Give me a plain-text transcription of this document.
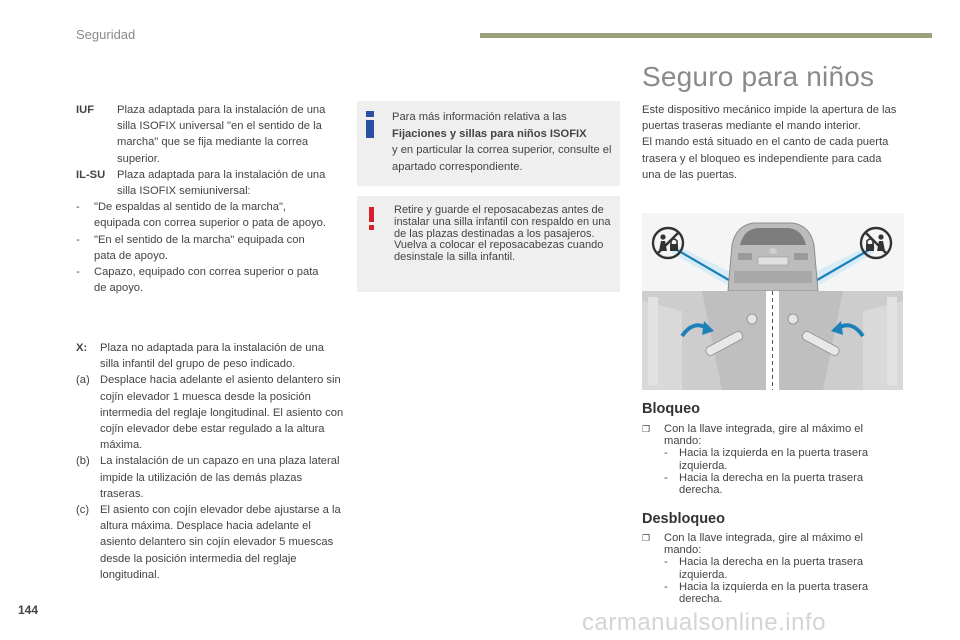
Seguridad
IUF	Plaza adaptada para la instalación de una silla ISOFIX universal "en el sentido de la marcha" que se fija mediante la correa superior.
IL-SU	Plaza adaptada para la instalación de una silla ISOFIX semiuniversal:
-	"De espaldas al sentido de la marcha", equipada con correa superior o pata de apoyo.
-	"En el sentido de la marcha" equipada con pata de apoyo.
-	Capazo, equipado con correa superior o pata de apoyo.
X:	Plaza no adaptada para la instalación de una silla infantil del grupo de peso indicado.
(a) Desplace hacia adelante el asiento delantero sin cojín elevador 1 muesca desde la posición intermedia del reglaje longitudinal. El asiento con cojín elevador debe estar regulado a la altura máxima.
(b) La instalación de un capazo en una plaza lateral impide la utilización de las demás plazas traseras.
(c) El asiento con cojín elevador debe ajustarse a la altura máxima. Desplace hacia adelante el asiento delantero sin cojín elevador 5 muescas desde la posición intermedia del reglaje longitudinal.
Para más información relativa a las
Fijaciones y sillas para niños ISOFIX
y en particular la correa superior, consulte el apartado correspondiente.
Retire y guarde el reposacabezas antes de instalar una silla infantil con respaldo en una de las plazas destinadas a los pasajeros. Vuelva a colocar el reposacabezas cuando desinstale la silla infantil.
Seguro para niños
Este dispositivo mecánico impide la apertura de las puertas traseras mediante el mando interior.
El mando está situado en el canto de cada puerta trasera y el bloqueo es independiente para cada una de las puertas.
Bloqueo
❒	Con la llave integrada, gire al máximo el mando:
-	Hacia la izquierda en la puerta trasera izquierda.
-	Hacia la derecha en la puerta trasera derecha.
Desbloqueo
❒	Con la llave integrada, gire al máximo el mando:
-	Hacia la derecha en la puerta trasera izquierda.
-	Hacia la izquierda en la puerta trasera derecha.
144	carmanualsonline.info
